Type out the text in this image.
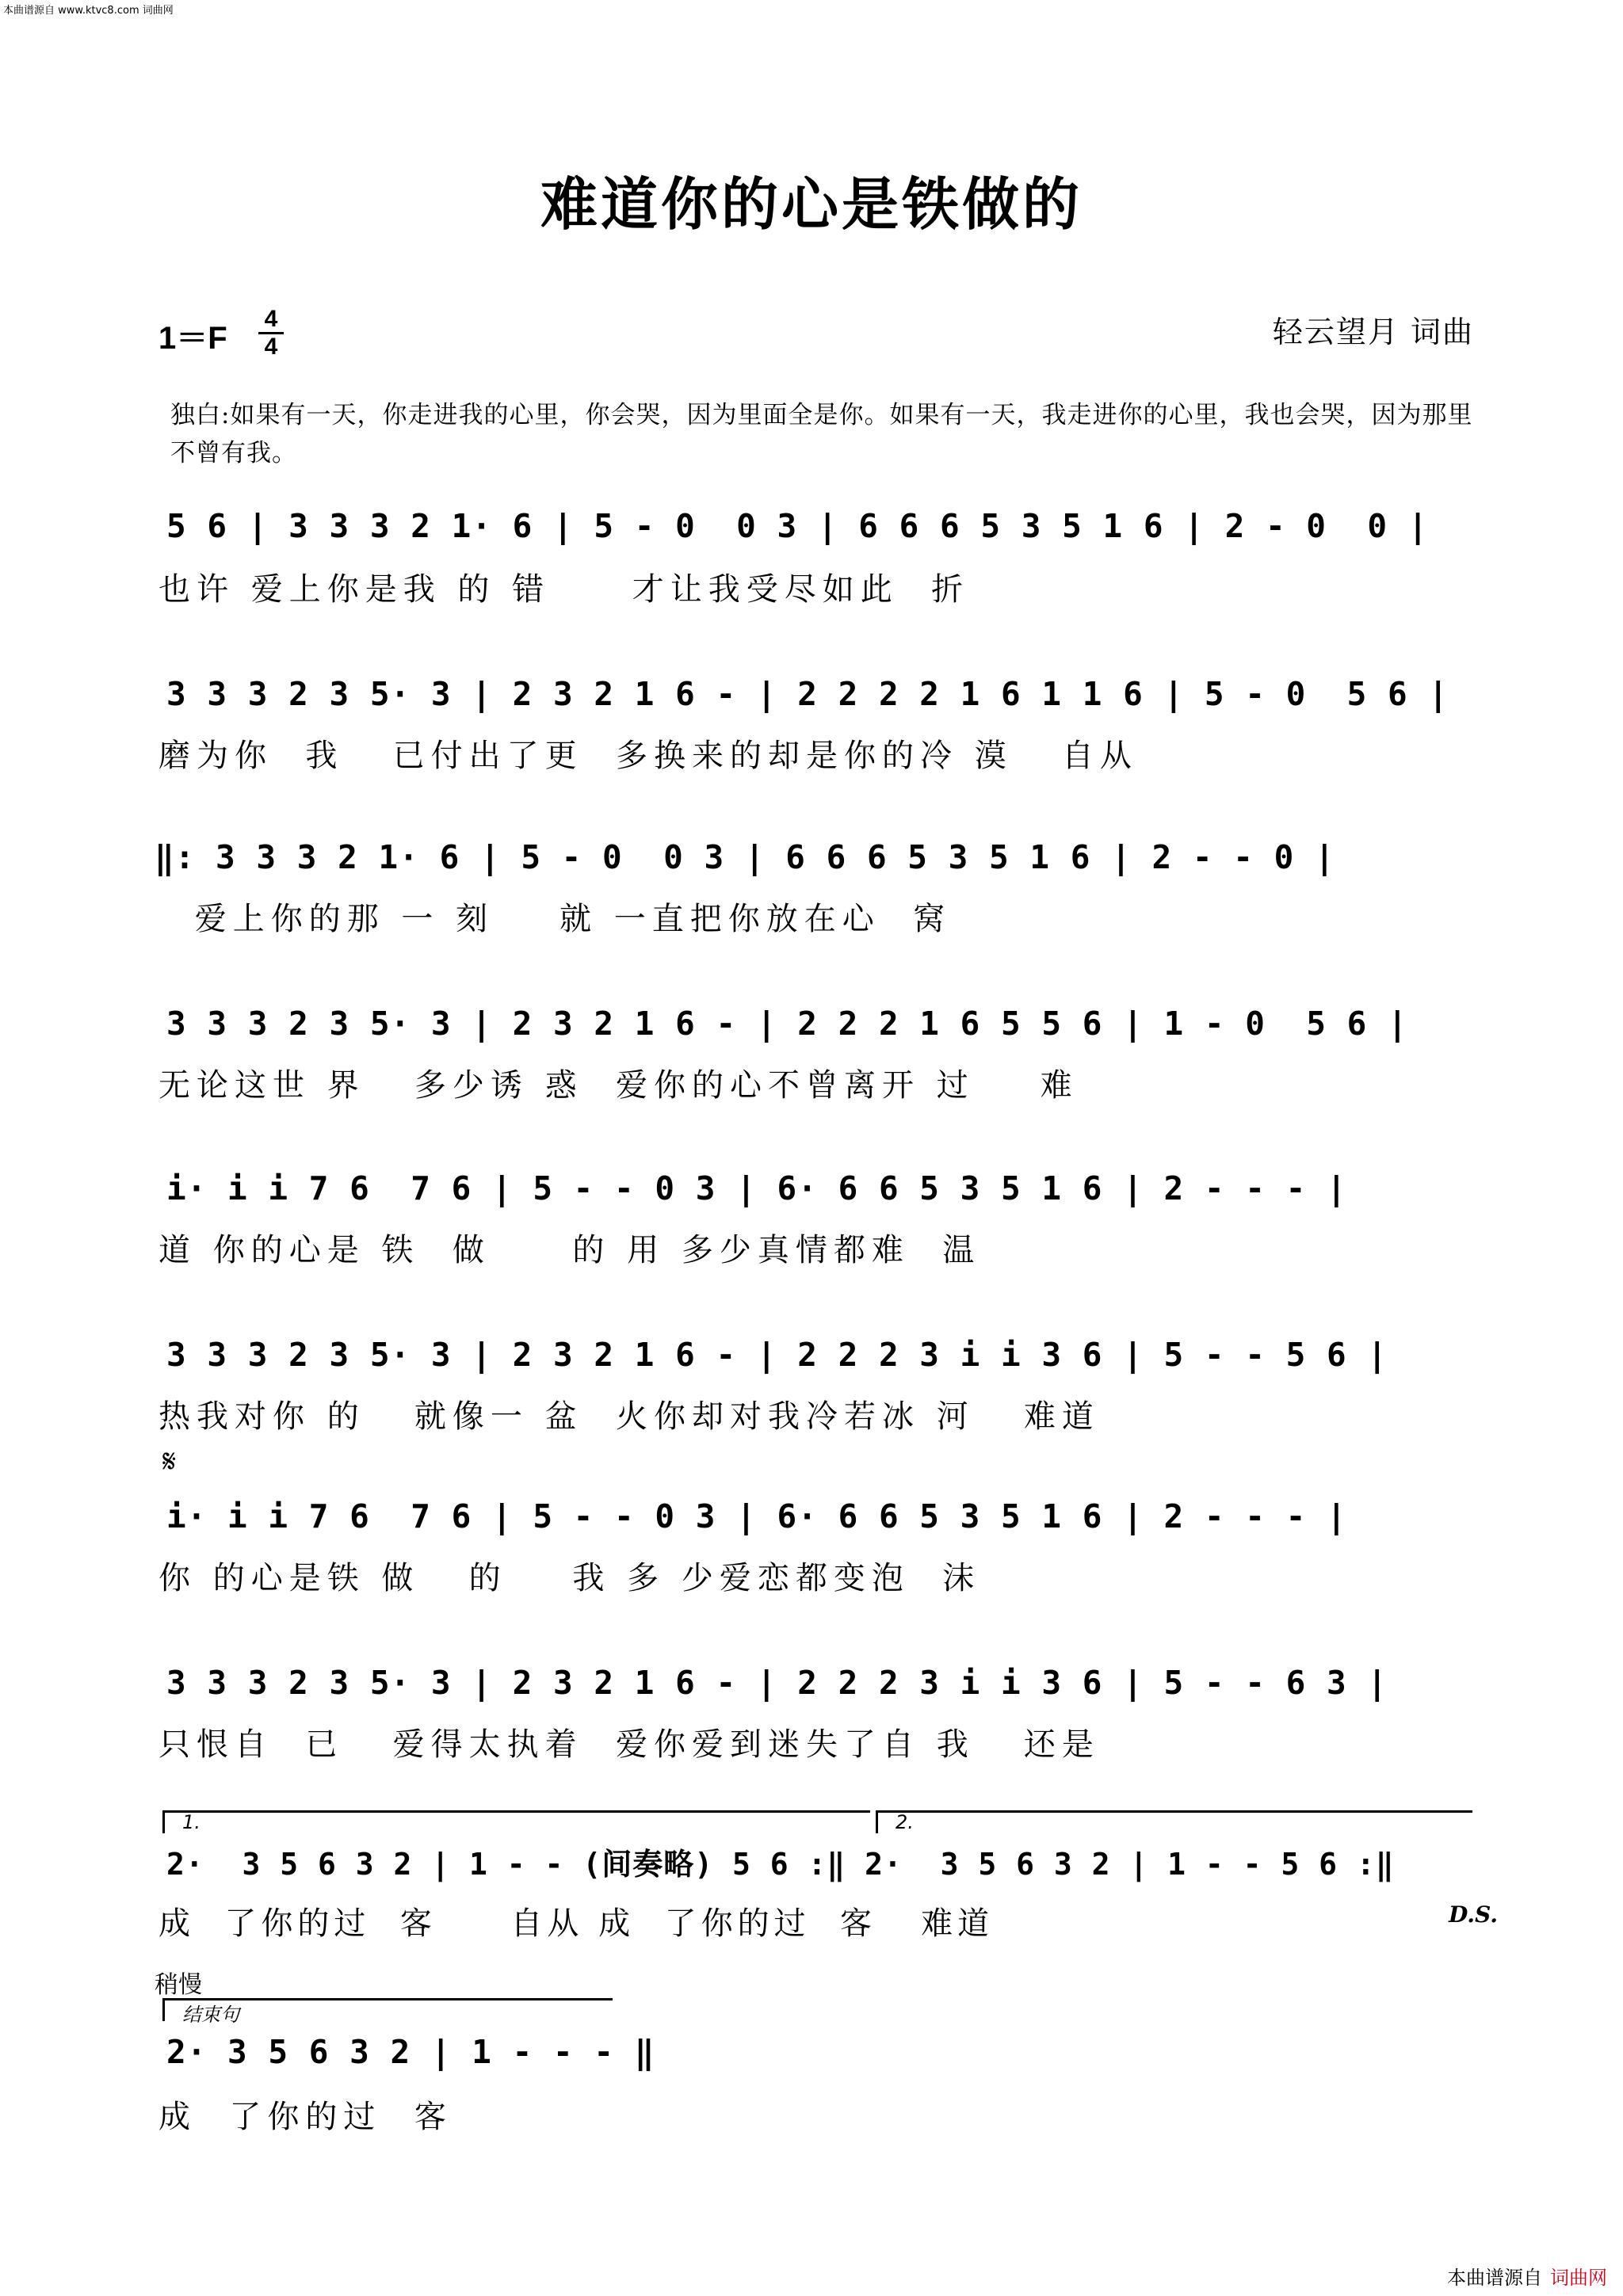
本曲谱源自 www.ktvc8.com 词曲网
难道你的心是铁做的
1＝F
4
4	轻云望月 词曲
独白:如果有一天，你走进我的心里，你会哭，因为里面全是你。如果有一天，我走进你的心里，我也会哭，因为那里不曾有我。
5 6 | 3 3 3 2 1· 6 | 5 - 0  0 3 | 6 6 6 5 3 5 1 6 | 2 - 0  0 |
也许 爱上你是我 的 错     才让我受尽如此  折
3 3 3 2 3 5· 3 | 2 3 2 1 6 - | 2 2 2 2 1 6 1 1 6 | 5 - 0  5 6 |
磨为你  我   已付出了更  多换来的却是你的冷 漠   自从
‖: 3 3 3 2 1· 6 | 5 - 0  0 3 | 6 6 6 5 3 5 1 6 | 2 - - 0 |
爱上你的那 一 刻    就 一直把你放在心  窝
3 3 3 2 3 5· 3 | 2 3 2 1 6 - | 2 2 2 1 6 5 5 6 | 1 - 0  5 6 |
无论这世 界   多少诱 惑  爱你的心不曾离开 过    难
i· i i 7 6  7 6 | 5 - - 0 3 | 6· 6 6 5 3 5 1 6 | 2 - - - |
道 你的心是 铁  做     的 用 多少真情都难  温
3 3 3 2 3 5· 3 | 2 3 2 1 6 - | 2 2 2 3 i i 3 6 | 5 - - 5 6 |
热我对你 的   就像一 盆  火你却对我冷若冰 河   难道
𝄋
i· i i 7 6  7 6 | 5 - - 0 3 | 6· 6 6 5 3 5 1 6 | 2 - - - |
你 的心是铁 做   的    我 多 少爱恋都变泡  沫
3 3 3 2 3 5· 3 | 2 3 2 1 6 - | 2 2 2 3 i i 3 6 | 5 - - 6 3 |
只恨自  已   爱得太执着  爱你爱到迷失了自 我   还是
1.	2.
2·  3 5 6 3 2 | 1 - - (间奏略) 5 6 :‖ 2·  3 5 6 3 2 | 1 - - 5 6 :‖
成  了你的过  客     自从 成  了你的过  客   难道	D.S.
稍慢
结束句
2· 3 5 6 3 2 | 1 - - - ‖
成  了你的过  客
本曲谱源自 词曲网
